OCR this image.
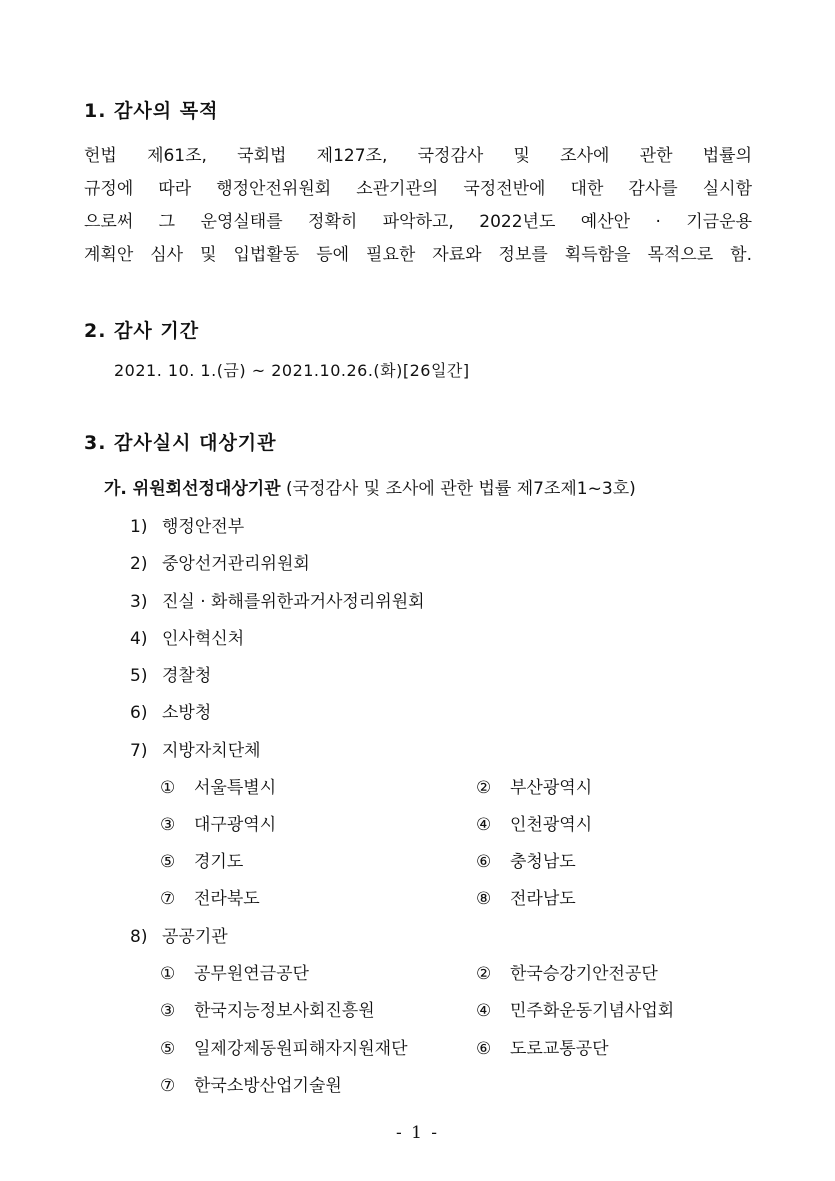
1. 감사의 목적
헌법 제61조, 국회법 제127조, 국정감사 및 조사에 관한 법률의
규정에 따라 행정안전위원회 소관기관의 국정전반에 대한 감사를 실시함
으로써 그 운영실태를 정확히 파악하고, 2022년도 예산안 · 기금운용
계획안 심사 및 입법활동 등에 필요한 자료와 정보를 획득함을 목적으로 함.
2. 감사 기간
2021. 10. 1.(금) ~ 2021.10.26.(화)[26일간]
3. 감사실시 대상기관
가. 위원회선정대상기관 (국정감사 및 조사에 관한 법률 제7조제1~3호)
1) 행정안전부
2) 중앙선거관리위원회
3) 진실 · 화해를위한과거사정리위원회
4) 인사혁신처
5) 경찰청
6) 소방청
7) 지방자치단체
① 서울특별시	② 부산광역시
③ 대구광역시	④ 인천광역시
⑤ 경기도	⑥ 충청남도
⑦ 전라북도	⑧ 전라남도
8) 공공기관
① 공무원연금공단	② 한국승강기안전공단
③ 한국지능정보사회진흥원	④ 민주화운동기념사업회
⑤ 일제강제동원피해자지원재단	⑥ 도로교통공단
⑦ 한국소방산업기술원
- 1 -
